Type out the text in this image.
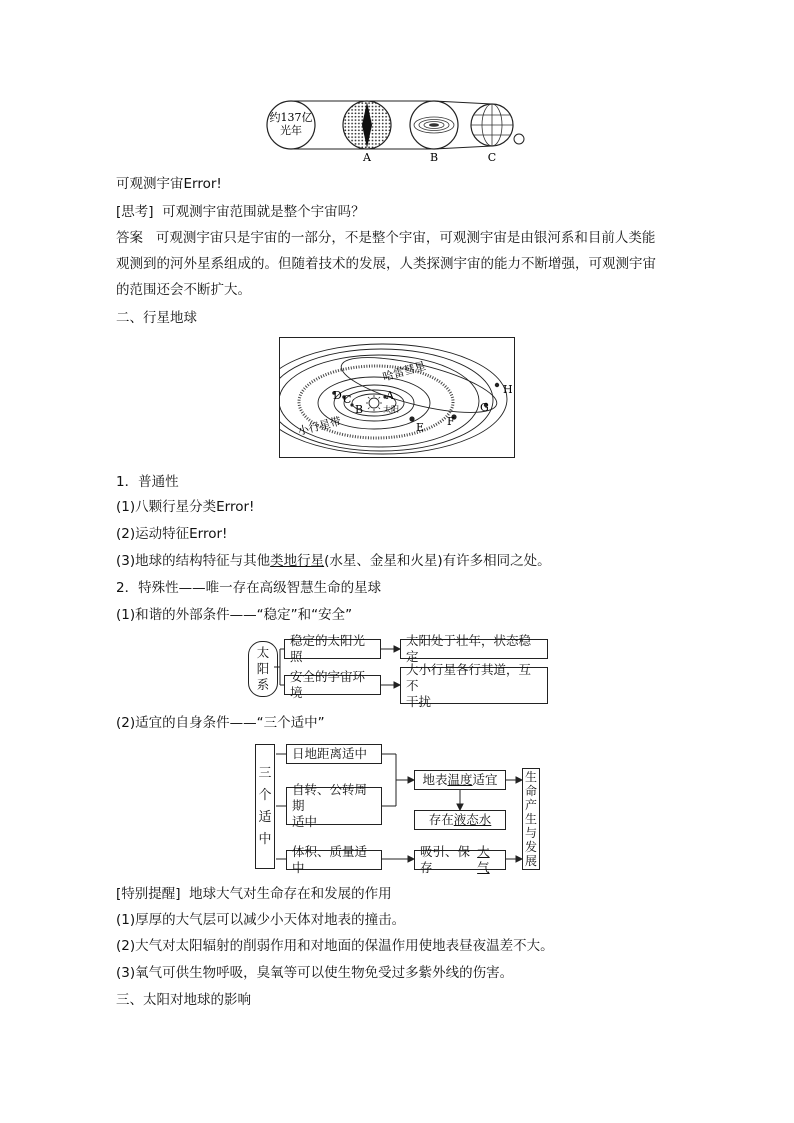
约137亿
光年
A	B	C
可观测宇宙Error!
[思考] 可观测宇宙范围就是整个宇宙吗？
答案 可观测宇宙只是宇宙的一部分，不是整个宇宙，可观测宇宙是由银河系和目前人类能
观测到的河外星系组成的。但随着技术的发展，人类探测宇宙的能力不断增强，可观测宇宙
的范围还会不断扩大。
二、行星地球
太阳
A
B
C
D
E F
G
H
哈雷彗星
小行星带
1．普通性
(1)八颗行星分类Error!
(2)运动特征Error!
(3)地球的结构特征与其他类地行星(水星、金星和火星)有许多相同之处。
2．特殊性——唯一存在高级智慧生命的星球
(1)和谐的外部条件——“稳定”和“安全”
太
阳
系
稳定的太阳光照
安全的宇宙环境
太阳处于壮年，状态稳定
大小行星各行其道，互不
干扰
(2)适宜的自身条件——“三个适中”
三
个
适
中
日地距离适中
自转、公转周期
适中
体积、质量适中
地表 温度 适宜
存在 液态水
吸引、保存
大气
生
命
产
生
与
发
展
[特别提醒] 地球大气对生命存在和发展的作用
(1)厚厚的大气层可以减少小天体对地表的撞击。
(2)大气对太阳辐射的削弱作用和对地面的保温作用使地表昼夜温差不大。
(3)氧气可供生物呼吸，臭氧等可以使生物免受过多紫外线的伤害。
三、太阳对地球的影响
